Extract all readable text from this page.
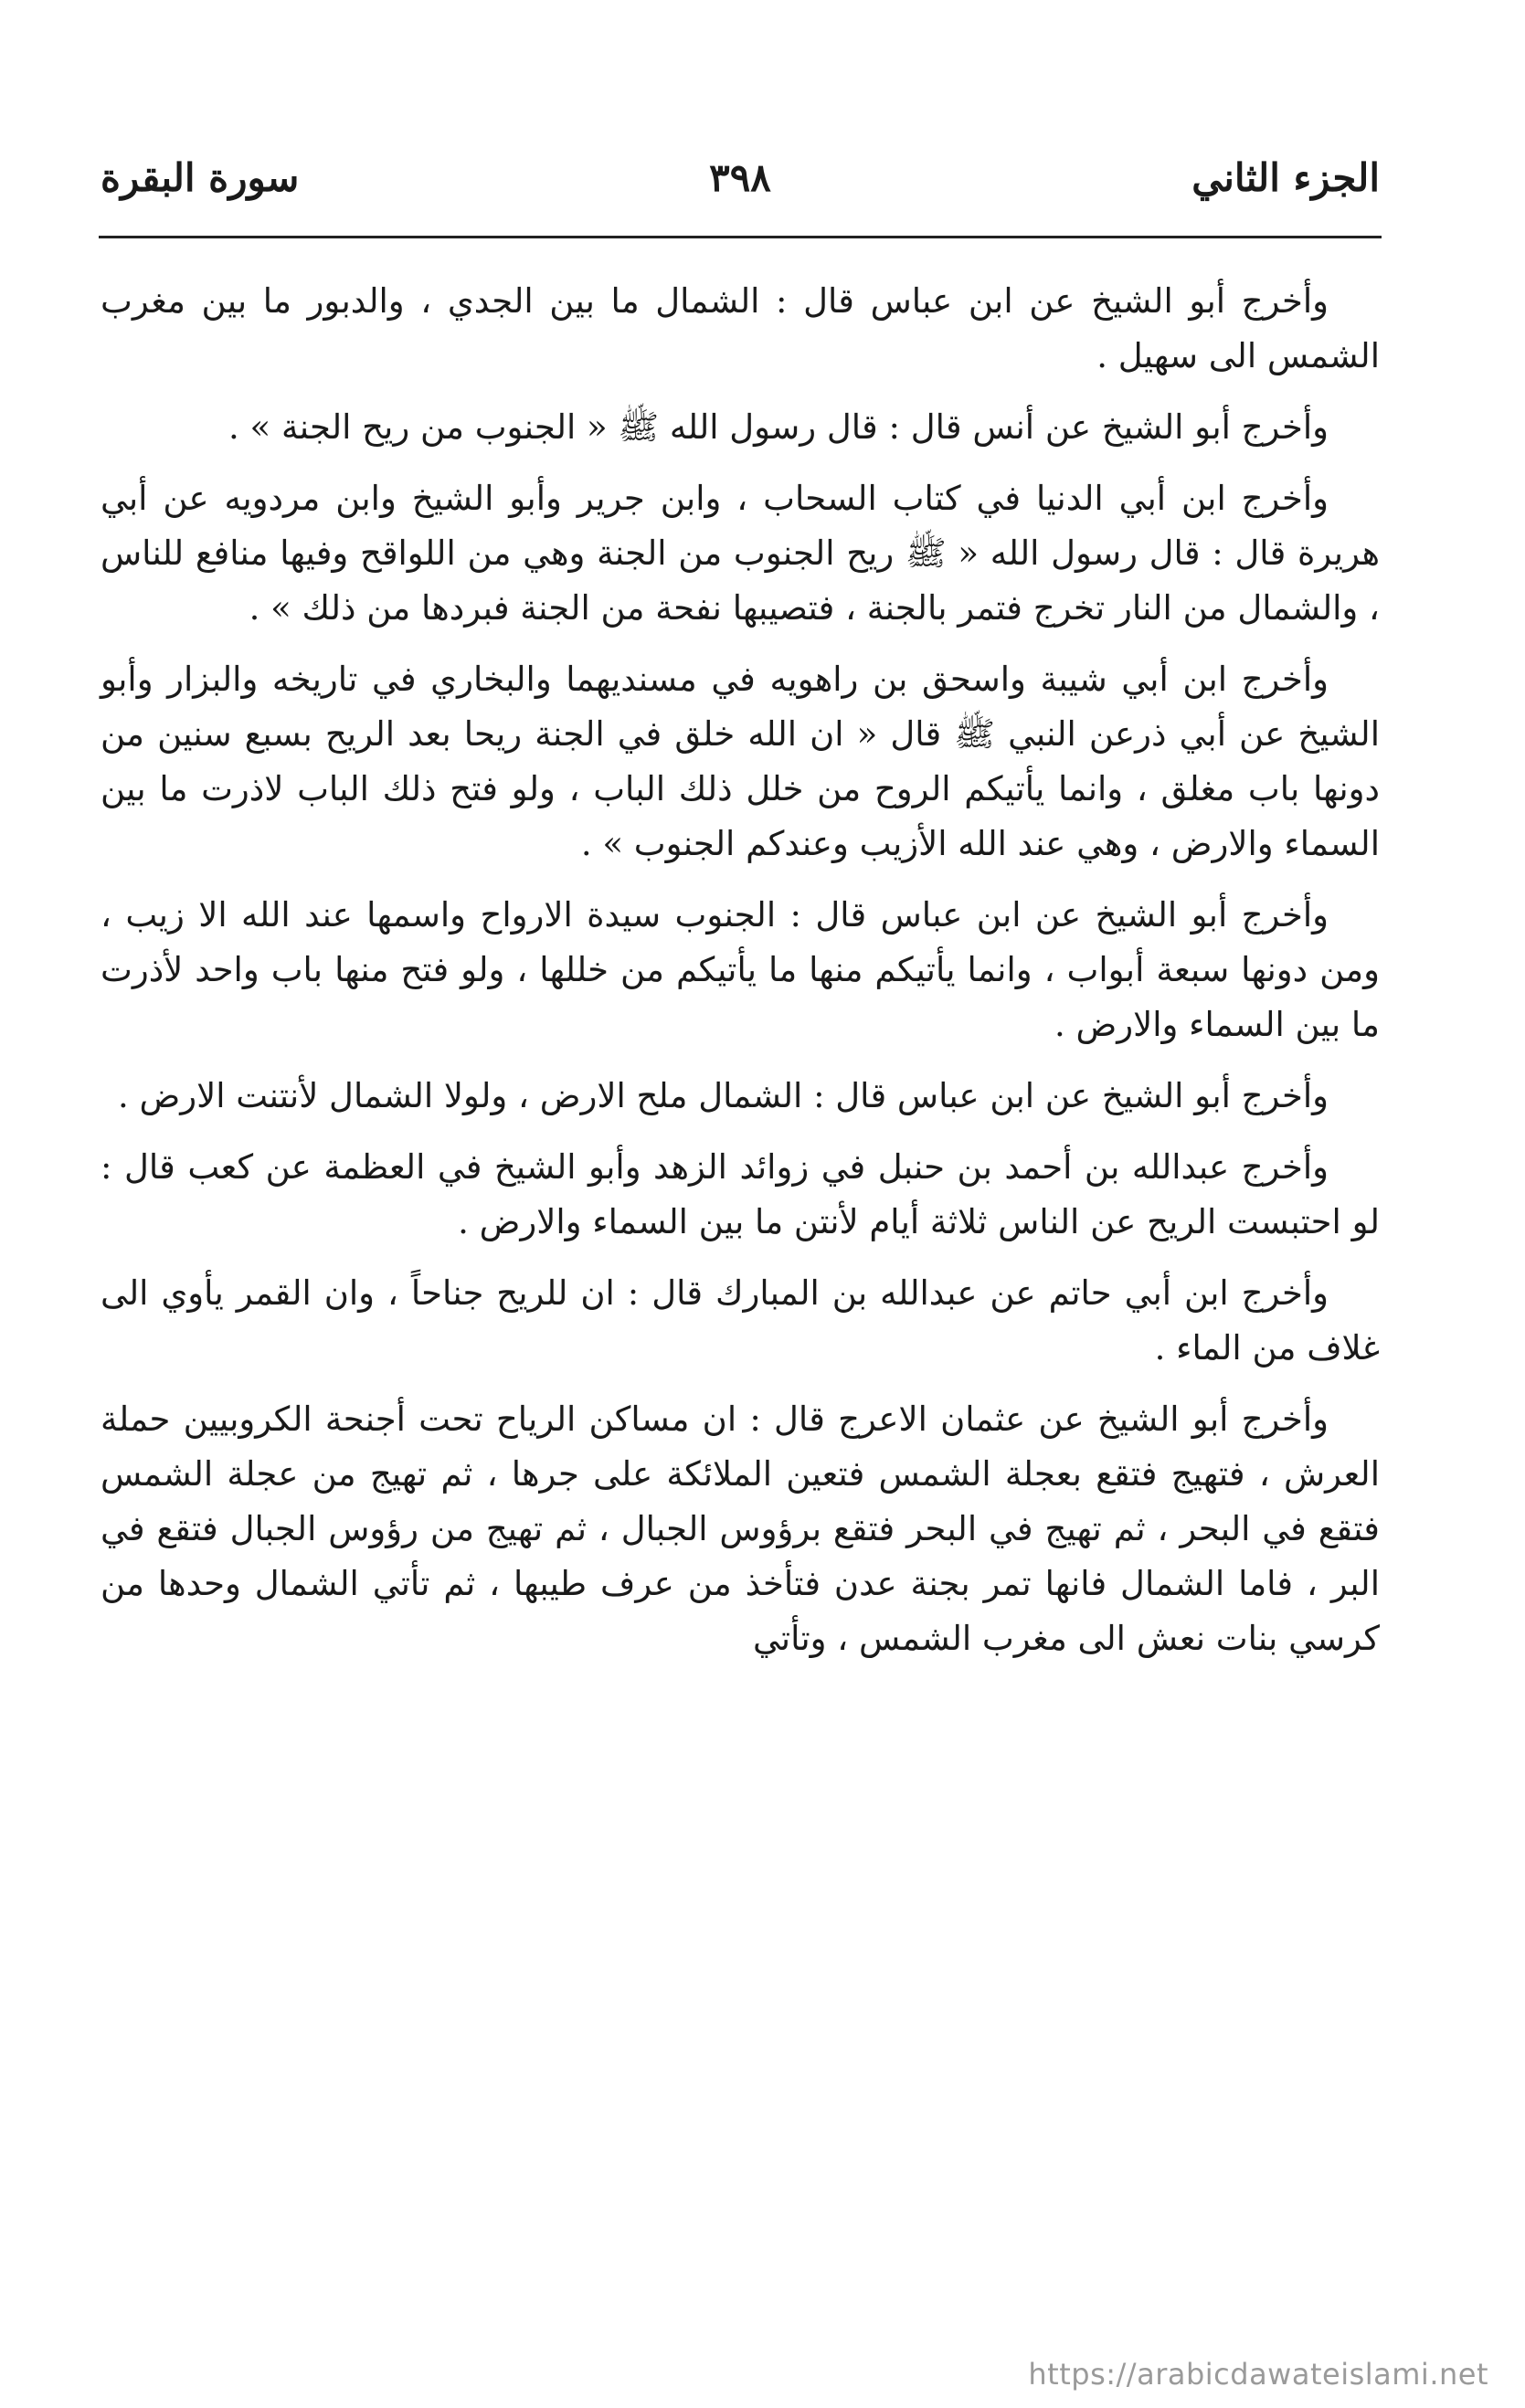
الجزء الثاني
٣٩٨
سورة البقرة

وأخرج أبو الشيخ عن ابن عباس قال : الشمال ما بين الجدي ، والدبور ما بين مغرب الشمس الى سهيل .

وأخرج أبو الشيخ عن أنس قال : قال رسول الله ﷺ « الجنوب من ريح الجنة » .

وأخرج ابن أبي الدنيا في كتاب السحاب ، وابن جرير وأبو الشيخ وابن مردويه عن أبي هريرة قال : قال رسول الله « ﷺ ريح الجنوب من الجنة وهي من اللواقح وفيها منافع للناس ، والشمال من النار تخرج فتمر بالجنة ، فتصيبها نفحة من الجنة فبردها من ذلك » .

وأخرج ابن أبي شيبة واسحق بن راهويه في مسنديهما والبخاري في تاريخه والبزار وأبو الشيخ عن أبي ذرعن النبي ﷺ قال « ان الله خلق في الجنة ريحا بعد الريح بسبع سنين من دونها باب مغلق ، وانما يأتيكم الروح من خلل ذلك الباب ، ولو فتح ذلك الباب لاذرت ما بين السماء والارض ، وهي عند الله الأزيب وعندكم الجنوب » .

وأخرج أبو الشيخ عن ابن عباس قال : الجنوب سيدة الارواح واسمها عند الله الا زيب ، ومن دونها سبعة أبواب ، وانما يأتيكم منها ما يأتيكم من خللها ، ولو فتح منها باب واحد لأذرت ما بين السماء والارض .

وأخرج أبو الشيخ عن ابن عباس قال : الشمال ملح الارض ، ولولا الشمال لأنتنت الارض .

وأخرج عبدالله بن أحمد بن حنبل في زوائد الزهد وأبو الشيخ في العظمة عن كعب قال : لو احتبست الريح عن الناس ثلاثة أيام لأنتن ما بين السماء والارض .

وأخرج ابن أبي حاتم عن عبدالله بن المبارك قال : ان للريح جناحاً ، وان القمر يأوي الى غلاف من الماء .

وأخرج أبو الشيخ عن عثمان الاعرج قال : ان مساكن الرياح تحت أجنحة الكروبيين حملة العرش ، فتهيج فتقع بعجلة الشمس فتعين الملائكة على جرها ، ثم تهيج من عجلة الشمس فتقع في البحر ، ثم تهيج في البحر فتقع برؤوس الجبال ، ثم تهيج من رؤوس الجبال فتقع في البر ، فاما الشمال فانها تمر بجنة عدن فتأخذ من عرف طيبها ، ثم تأتي الشمال وحدها من كرسي بنات نعش الى مغرب الشمس ، وتأتي

https://arabicdawateislami.net
